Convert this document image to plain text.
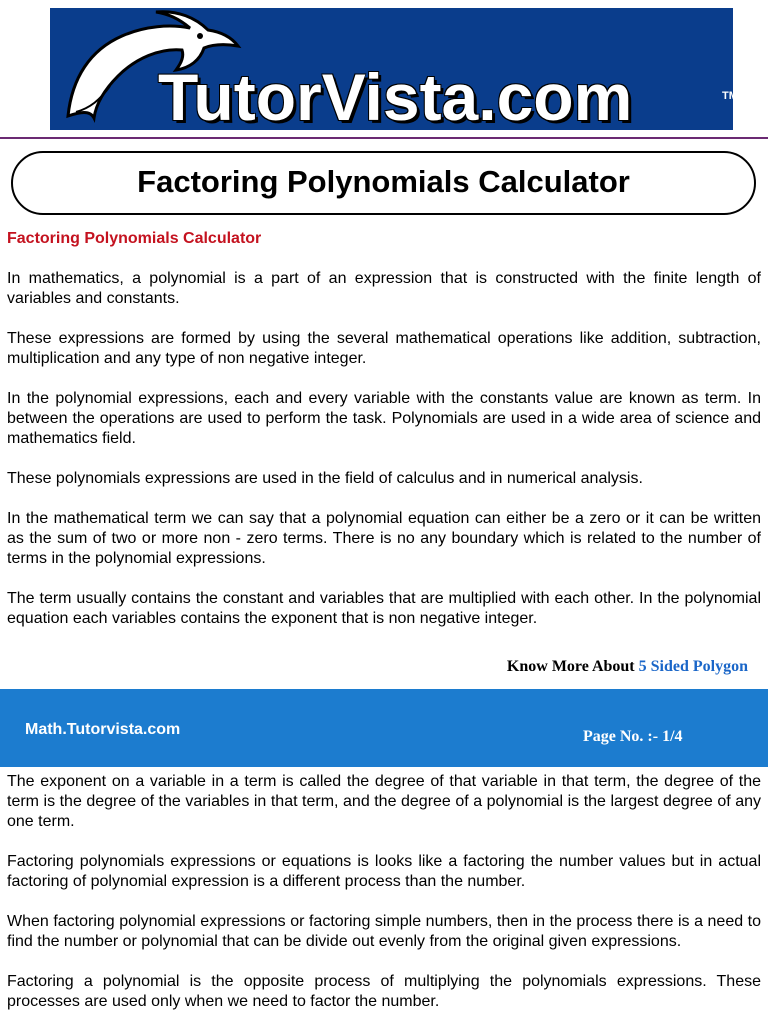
TutorVista.com	TM
Factoring Polynomials Calculator
Factoring Polynomials Calculator

In mathematics, a polynomial is a part of an expression that is constructed with the finite length of variables and constants.

These expressions are formed by using the several mathematical operations like addition, subtraction, multiplication and any type of non negative integer.

In the polynomial expressions, each and every variable with the constants value are known as term. In between the operations are used to perform the task. Polynomials are used in a wide area of science and mathematics field.

These polynomials expressions are used in the field of calculus and in numerical analysis.

In the mathematical term we can say that a polynomial equation can either be a zero or it can be written as the sum of two or more non - zero terms. There is no any boundary which is related to the number of terms in the polynomial expressions.

The term usually contains the constant and variables that are multiplied with each other. In the polynomial equation each variables contains the exponent that is non negative integer.

Know More About 5 Sided Polygon
Math.Tutorvista.com	Page No. :- 1/4

The exponent on a variable in a term is called the degree of that variable in that term, the degree of the term is the degree of the variables in that term, and the degree of a polynomial is the largest degree of any one term.

Factoring polynomials expressions or equations is looks like a factoring the number values but in actual factoring of polynomial expression is a different process than the number.

When factoring polynomial expressions or factoring simple numbers, then in the process there is a need to find the number or polynomial that can be divide out evenly from the original given expressions.

Factoring a polynomial is the opposite process of multiplying the polynomials expressions. These processes are used only when we need to factor the number.
